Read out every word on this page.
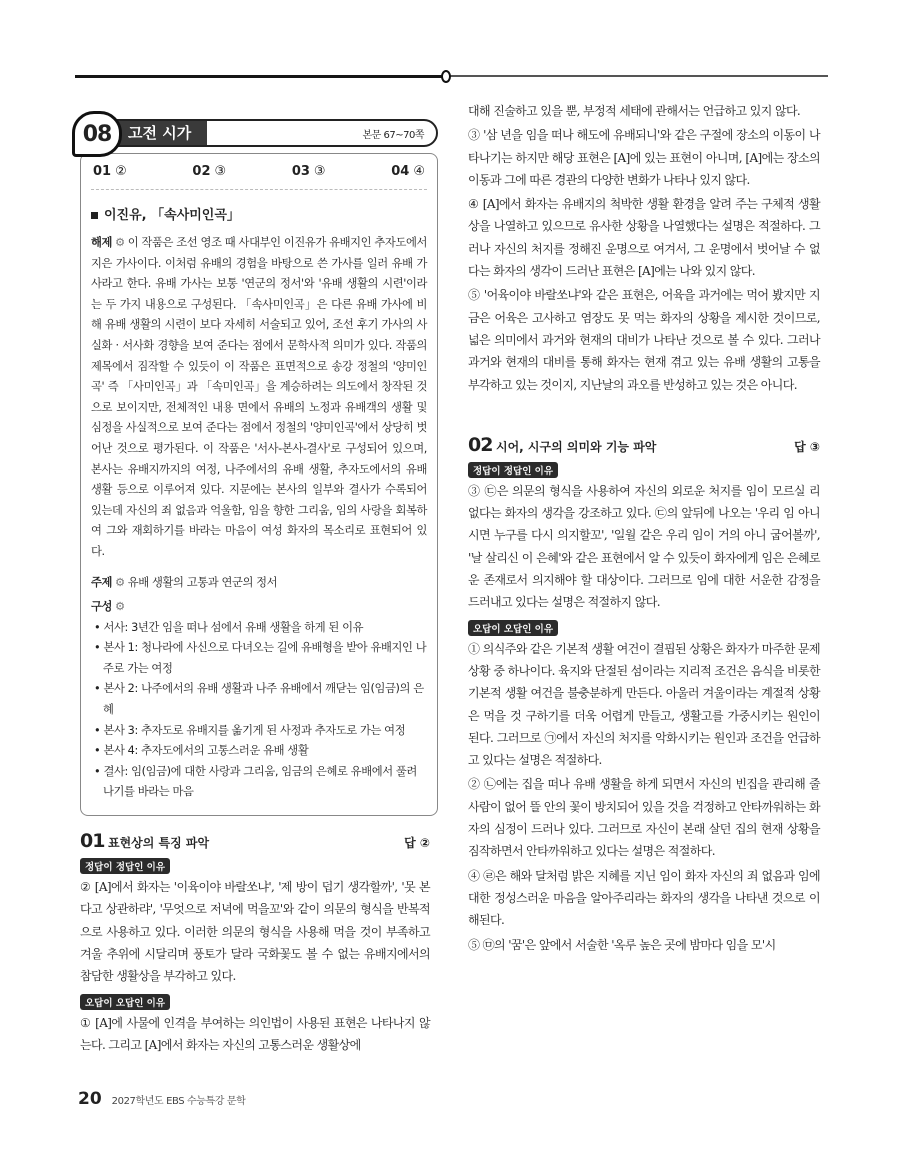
08	고전 시가	본문 67~70쪽
01 ②	02 ③	03 ③	04 ④
이진유, 「속사미인곡」
해제 ⚙ 이 작품은 조선 영조 때 사대부인 이진유가 유배지인 추자도에서 지은 가사이다. 이처럼 유배의 경험을 바탕으로 쓴 가사를 일러 유배 가사라고 한다. 유배 가사는 보통 '연군의 정서'와 '유배 생활의 시련'이라는 두 가지 내용으로 구성된다. 「속사미인곡」은 다른 유배 가사에 비해 유배 생활의 시련이 보다 자세히 서술되고 있어, 조선 후기 가사의 사실화 · 서사화 경향을 보여 준다는 점에서 문학사적 의미가 있다. 작품의 제목에서 짐작할 수 있듯이 이 작품은 표면적으로 송강 정철의 '양미인곡' 즉 「사미인곡」과 「속미인곡」을 계승하려는 의도에서 창작된 것으로 보이지만, 전체적인 내용 면에서 유배의 노정과 유배객의 생활 및 심정을 사실적으로 보여 준다는 점에서 정철의 '양미인곡'에서 상당히 벗어난 것으로 평가된다. 이 작품은 '서사-본사-결사'로 구성되어 있으며, 본사는 유배지까지의 여정, 나주에서의 유배 생활, 추자도에서의 유배 생활 등으로 이루어져 있다. 지문에는 본사의 일부와 결사가 수록되어 있는데 자신의 죄 없음과 억울함, 임을 향한 그리움, 임의 사랑을 회복하여 그와 재회하기를 바라는 마음이 여성 화자의 목소리로 표현되어 있다.
주제 ⚙ 유배 생활의 고통과 연군의 정서
구성 ⚙
• 서사: 3년간 임을 떠나 섬에서 유배 생활을 하게 된 이유
• 본사 1: 청나라에 사신으로 다녀오는 길에 유배형을 받아 유배지인 나주로 가는 여정
• 본사 2: 나주에서의 유배 생활과 나주 유배에서 깨닫는 임(임금)의 은혜
• 본사 3: 추자도로 유배지를 옮기게 된 사정과 추자도로 가는 여정
• 본사 4: 추자도에서의 고통스러운 유배 생활
• 결사: 임(임금)에 대한 사랑과 그리움, 임금의 은혜로 유배에서 풀려나기를 바라는 마음
01 표현상의 특징 파악	답 ②
정답이 정답인 이유

② [A]에서 화자는 '이육이야 바랄쏘냐', '제 방이 덥기 생각할까', '못 본다고 상관하랴', '무엇으로 저녁에 먹을꼬'와 같이 의문의 형식을 반복적으로 사용하고 있다. 이러한 의문의 형식을 사용해 먹을 것이 부족하고 겨울 추위에 시달리며 풍토가 달라 국화꽃도 볼 수 없는 유배지에서의 참담한 생활상을 부각하고 있다.

오답이 오답인 이유

① [A]에 사물에 인격을 부여하는 의인법이 사용된 표현은 나타나지 않는다. 그리고 [A]에서 화자는 자신의 고통스러운 생활상에

대해 진술하고 있을 뿐, 부정적 세태에 관해서는 언급하고 있지 않다.

③ '삼 년을 임을 떠나 해도에 유배되니'와 같은 구절에 장소의 이동이 나타나기는 하지만 해당 표현은 [A]에 있는 표현이 아니며, [A]에는 장소의 이동과 그에 따른 경관의 다양한 변화가 나타나 있지 않다.

④ [A]에서 화자는 유배지의 척박한 생활 환경을 알려 주는 구체적 생활상을 나열하고 있으므로 유사한 상황을 나열했다는 설명은 적절하다. 그러나 자신의 처지를 정해진 운명으로 여겨서, 그 운명에서 벗어날 수 없다는 화자의 생각이 드러난 표현은 [A]에는 나와 있지 않다.

⑤ '어육이야 바랄쏘냐'와 같은 표현은, 어육을 과거에는 먹어 봤지만 지금은 어육은 고사하고 염장도 못 먹는 화자의 상황을 제시한 것이므로, 넓은 의미에서 과거와 현재의 대비가 나타난 것으로 볼 수 있다. 그러나 과거와 현재의 대비를 통해 화자는 현재 겪고 있는 유배 생활의 고통을 부각하고 있는 것이지, 지난날의 과오를 반성하고 있는 것은 아니다.

02 시어, 시구의 의미와 기능 파악	답 ③
정답이 정답인 이유

③ ㉢은 의문의 형식을 사용하여 자신의 외로운 처지를 임이 모르실 리 없다는 화자의 생각을 강조하고 있다. ㉢의 앞뒤에 나오는 '우리 임 아니시면 누구를 다시 의지할꼬', '일월 같은 우리 임이 거의 아니 굽어볼까', '날 살리신 이 은혜'와 같은 표현에서 알 수 있듯이 화자에게 임은 은혜로운 존재로서 의지해야 할 대상이다. 그러므로 임에 대한 서운한 감정을 드러내고 있다는 설명은 적절하지 않다.

오답이 오답인 이유

① 의식주와 같은 기본적 생활 여건이 결핍된 상황은 화자가 마주한 문제 상황 중 하나이다. 육지와 단절된 섬이라는 지리적 조건은 음식을 비롯한 기본적 생활 여건을 불충분하게 만든다. 아울러 겨울이라는 계절적 상황은 먹을 것 구하기를 더욱 어렵게 만들고, 생활고를 가중시키는 원인이 된다. 그러므로 ㉠에서 자신의 처지를 악화시키는 원인과 조건을 언급하고 있다는 설명은 적절하다.

② ㉡에는 집을 떠나 유배 생활을 하게 되면서 자신의 빈집을 관리해 줄 사람이 없어 뜰 안의 꽃이 방치되어 있을 것을 걱정하고 안타까워하는 화자의 심정이 드러나 있다. 그러므로 자신이 본래 살던 집의 현재 상황을 짐작하면서 안타까워하고 있다는 설명은 적절하다.

④ ㉣은 해와 달처럼 밝은 지혜를 지닌 임이 화자 자신의 죄 없음과 임에 대한 정성스러운 마음을 알아주리라는 화자의 생각을 나타낸 것으로 이해된다.

⑤ ㉤의 '꿈'은 앞에서 서술한 '옥루 높은 곳에 밤마다 임을 모'시

20 2027학년도 EBS 수능특강 문학
